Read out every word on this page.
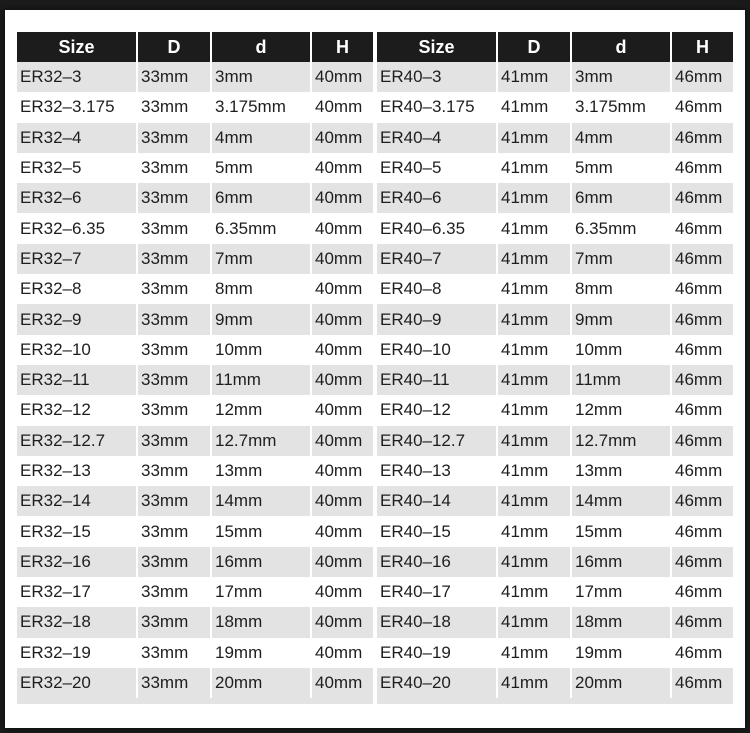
Size	D	d	H
ER32–3	33mm	3mm	40mm
ER32–3.175	33mm	3.175mm	40mm
ER32–4	33mm	4mm	40mm
ER32–5	33mm	5mm	40mm
ER32–6	33mm	6mm	40mm
ER32–6.35	33mm	6.35mm	40mm
ER32–7	33mm	7mm	40mm
ER32–8	33mm	8mm	40mm
ER32–9	33mm	9mm	40mm
ER32–10	33mm	10mm	40mm
ER32–11	33mm	11mm	40mm
ER32–12	33mm	12mm	40mm
ER32–12.7	33mm	12.7mm	40mm
ER32–13	33mm	13mm	40mm
ER32–14	33mm	14mm	40mm
ER32–15	33mm	15mm	40mm
ER32–16	33mm	16mm	40mm
ER32–17	33mm	17mm	40mm
ER32–18	33mm	18mm	40mm
ER32–19	33mm	19mm	40mm
ER32–20	33mm	20mm	40mm

Size	D	d	H
ER40–3	41mm	3mm	46mm
ER40–3.175	41mm	3.175mm	46mm
ER40–4	41mm	4mm	46mm
ER40–5	41mm	5mm	46mm
ER40–6	41mm	6mm	46mm
ER40–6.35	41mm	6.35mm	46mm
ER40–7	41mm	7mm	46mm
ER40–8	41mm	8mm	46mm
ER40–9	41mm	9mm	46mm
ER40–10	41mm	10mm	46mm
ER40–11	41mm	11mm	46mm
ER40–12	41mm	12mm	46mm
ER40–12.7	41mm	12.7mm	46mm
ER40–13	41mm	13mm	46mm
ER40–14	41mm	14mm	46mm
ER40–15	41mm	15mm	46mm
ER40–16	41mm	16mm	46mm
ER40–17	41mm	17mm	46mm
ER40–18	41mm	18mm	46mm
ER40–19	41mm	19mm	46mm
ER40–20	41mm	20mm	46mm
